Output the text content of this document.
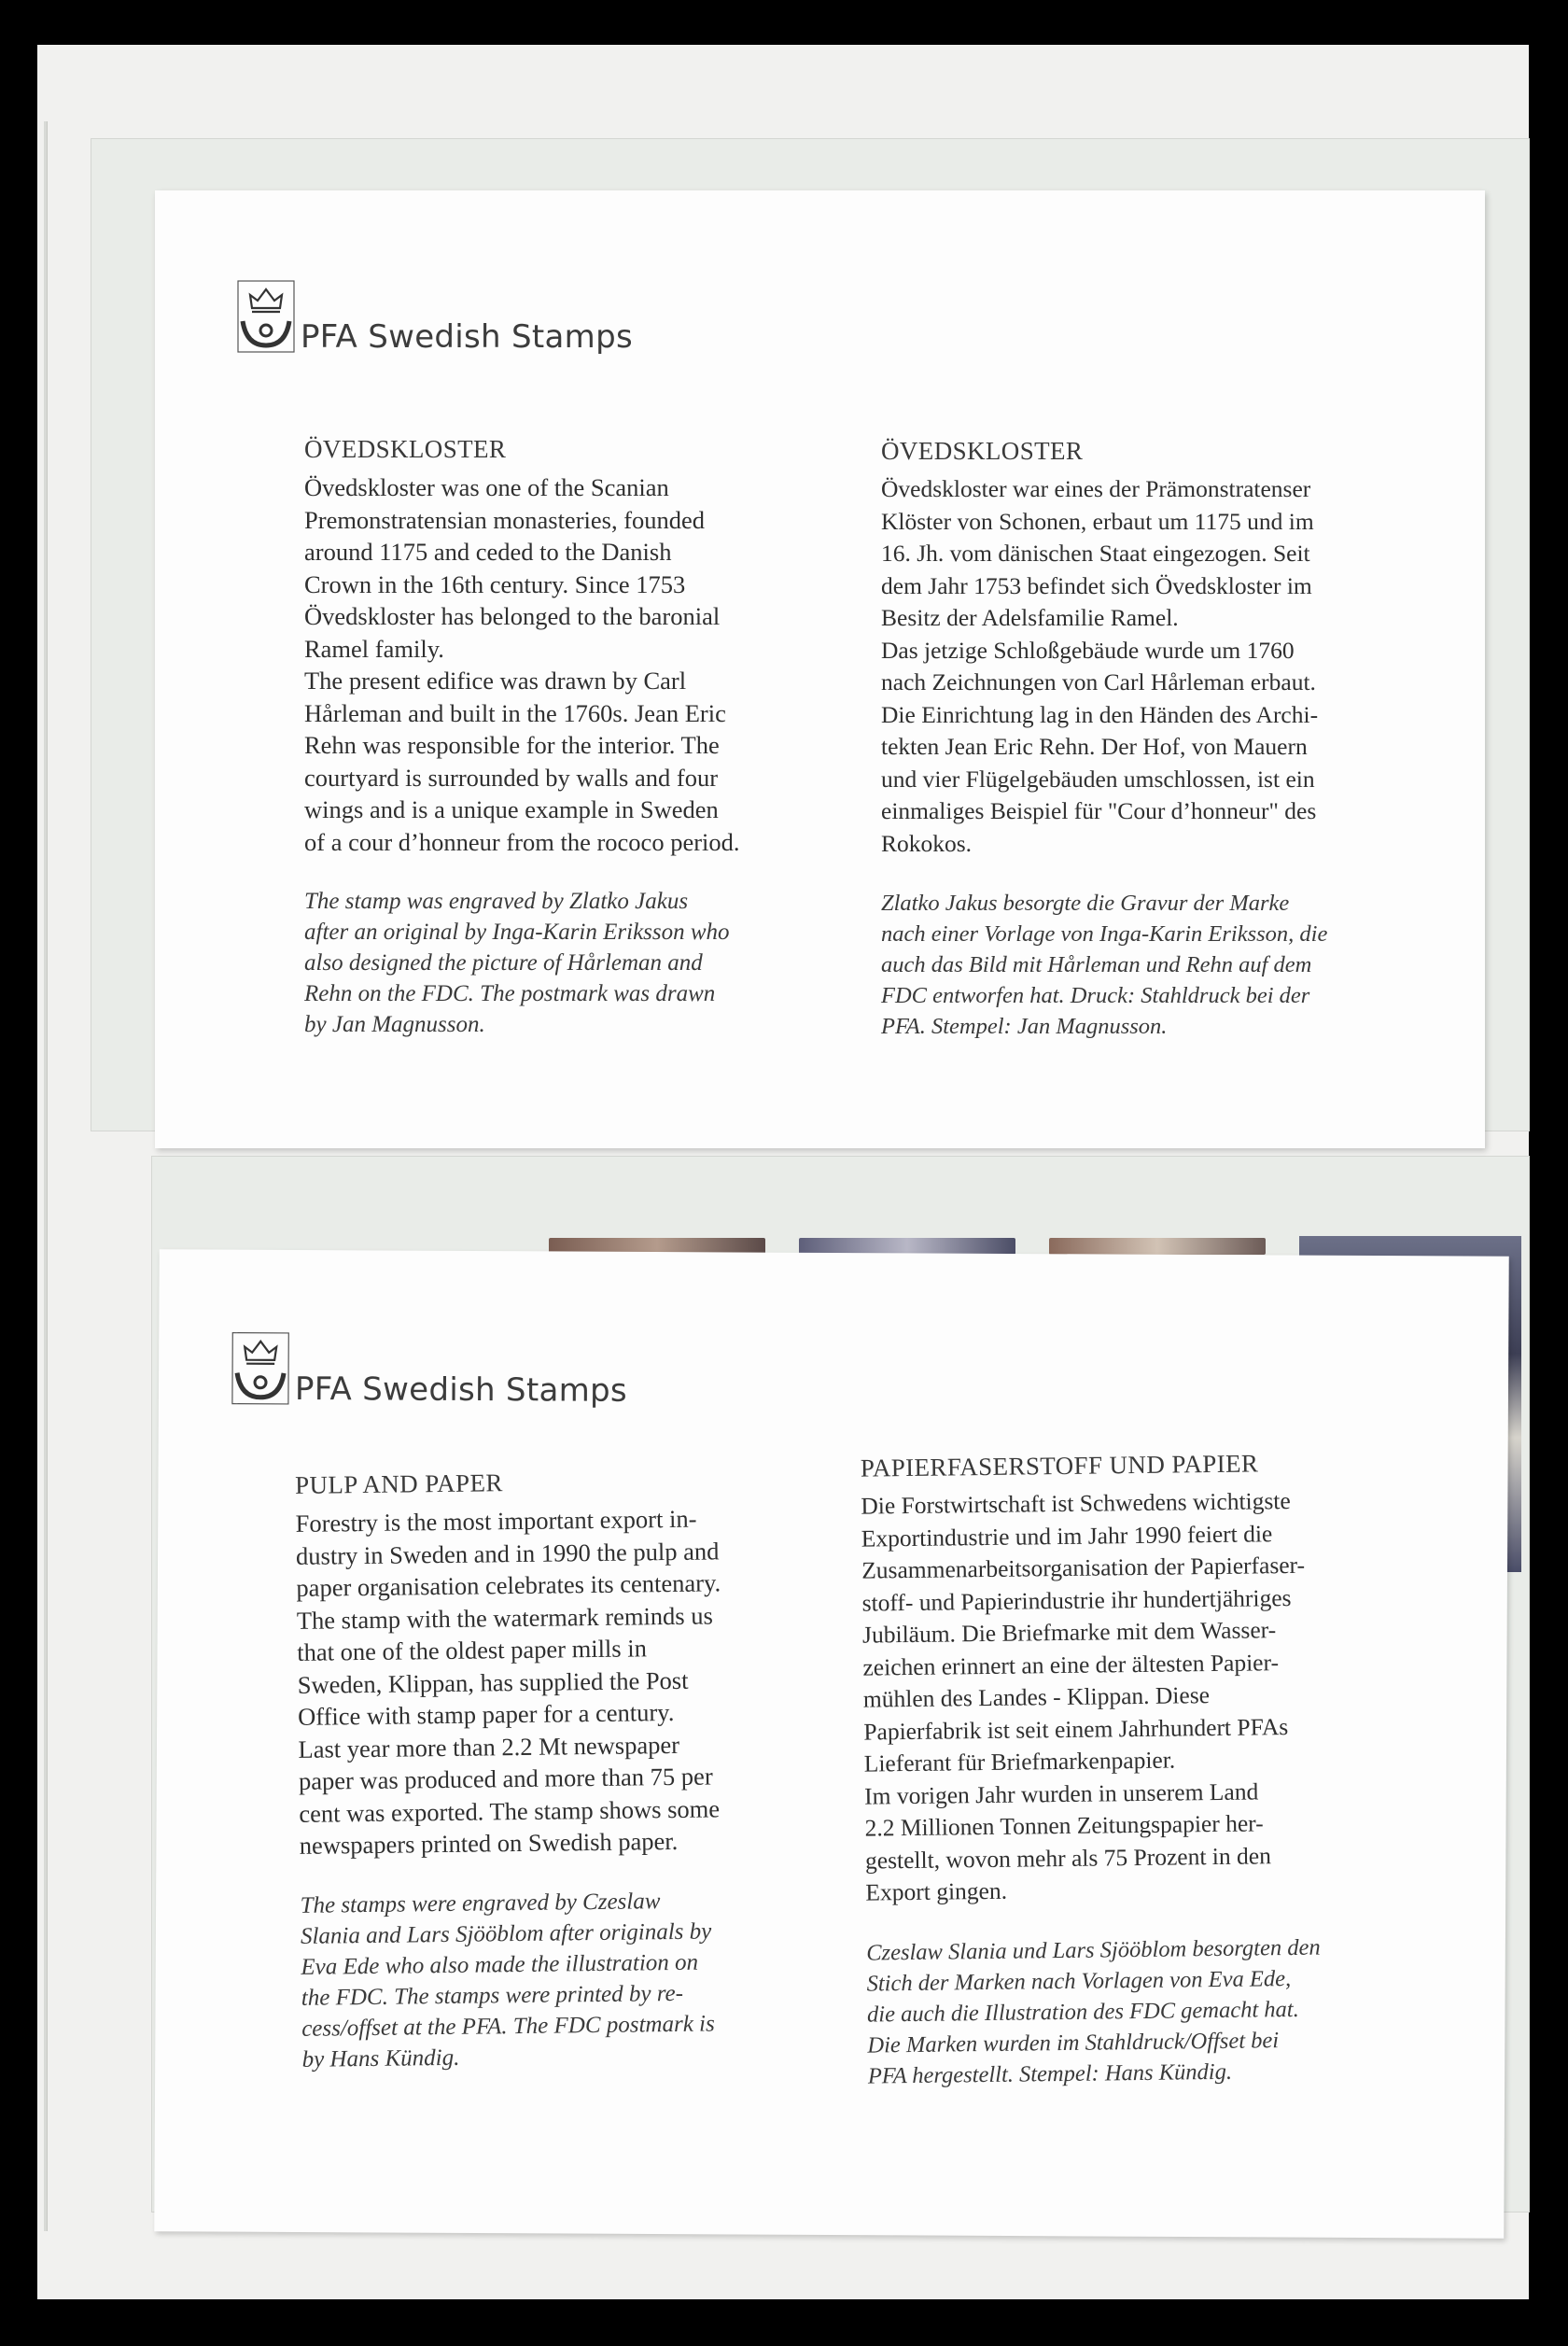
PFA Swedish Stamps
ÖVEDSKLOSTER

Övedskloster was one of the Scanian
Premonstratensian monasteries, founded
around 1175 and ceded to the Danish
Crown in the 16th century. Since 1753
Övedskloster has belonged to the baronial
Ramel family.
The present edifice was drawn by Carl
Hårleman and built in the 1760s. Jean Eric
Rehn was responsible for the interior. The
courtyard is surrounded by walls and four
wings and is a unique example in Sweden
of a cour d’honneur from the rococo period.

The stamp was engraved by Zlatko Jakus
after an original by Inga-Karin Eriksson who
also designed the picture of Hårleman and
Rehn on the FDC. The postmark was drawn
by Jan Magnusson.

ÖVEDSKLOSTER

Övedskloster war eines der Prämonstratenser
Klöster von Schonen, erbaut um 1175 und im
16. Jh. vom dänischen Staat eingezogen. Seit
dem Jahr 1753 befindet sich Övedskloster im
Besitz der Adelsfamilie Ramel.
Das jetzige Schloßgebäude wurde um 1760
nach Zeichnungen von Carl Hårleman erbaut.
Die Einrichtung lag in den Händen des Archi-
tekten Jean Eric Rehn. Der Hof, von Mauern
und vier Flügelgebäuden umschlossen, ist ein
einmaliges Beispiel für "Cour d’honneur" des
Rokokos.

Zlatko Jakus besorgte die Gravur der Marke
nach einer Vorlage von Inga-Karin Eriksson, die
auch das Bild mit Hårleman und Rehn auf dem
FDC entworfen hat. Druck: Stahldruck bei der
PFA. Stempel: Jan Magnusson.

PFA Swedish Stamps
PULP AND PAPER

Forestry is the most important export in-
dustry in Sweden and in 1990 the pulp and
paper organisation celebrates its centenary.
The stamp with the watermark reminds us
that one of the oldest paper mills in
Sweden, Klippan, has supplied the Post
Office with stamp paper for a century.
Last year more than 2.2 Mt newspaper
paper was produced and more than 75 per
cent was exported. The stamp shows some
newspapers printed on Swedish paper.

The stamps were engraved by Czeslaw
Slania and Lars Sjööblom after originals by
Eva Ede who also made the illustration on
the FDC. The stamps were printed by re-
cess/offset at the PFA. The FDC postmark is
by Hans Kündig.

PAPIERFASERSTOFF UND PAPIER

Die Forstwirtschaft ist Schwedens wichtigste
Exportindustrie und im Jahr 1990 feiert die
Zusammenarbeitsorganisation der Papierfaser-
stoff- und Papierindustrie ihr hundertjähriges
Jubiläum. Die Briefmarke mit dem Wasser-
zeichen erinnert an eine der ältesten Papier-
mühlen des Landes - Klippan. Diese
Papierfabrik ist seit einem Jahrhundert PFAs
Lieferant für Briefmarkenpapier.
Im vorigen Jahr wurden in unserem Land
2.2 Millionen Tonnen Zeitungspapier her-
gestellt, wovon mehr als 75 Prozent in den
Export gingen.

Czeslaw Slania und Lars Sjööblom besorgten den
Stich der Marken nach Vorlagen von Eva Ede,
die auch die Illustration des FDC gemacht hat.
Die Marken wurden im Stahldruck/Offset bei
PFA hergestellt. Stempel: Hans Kündig.
